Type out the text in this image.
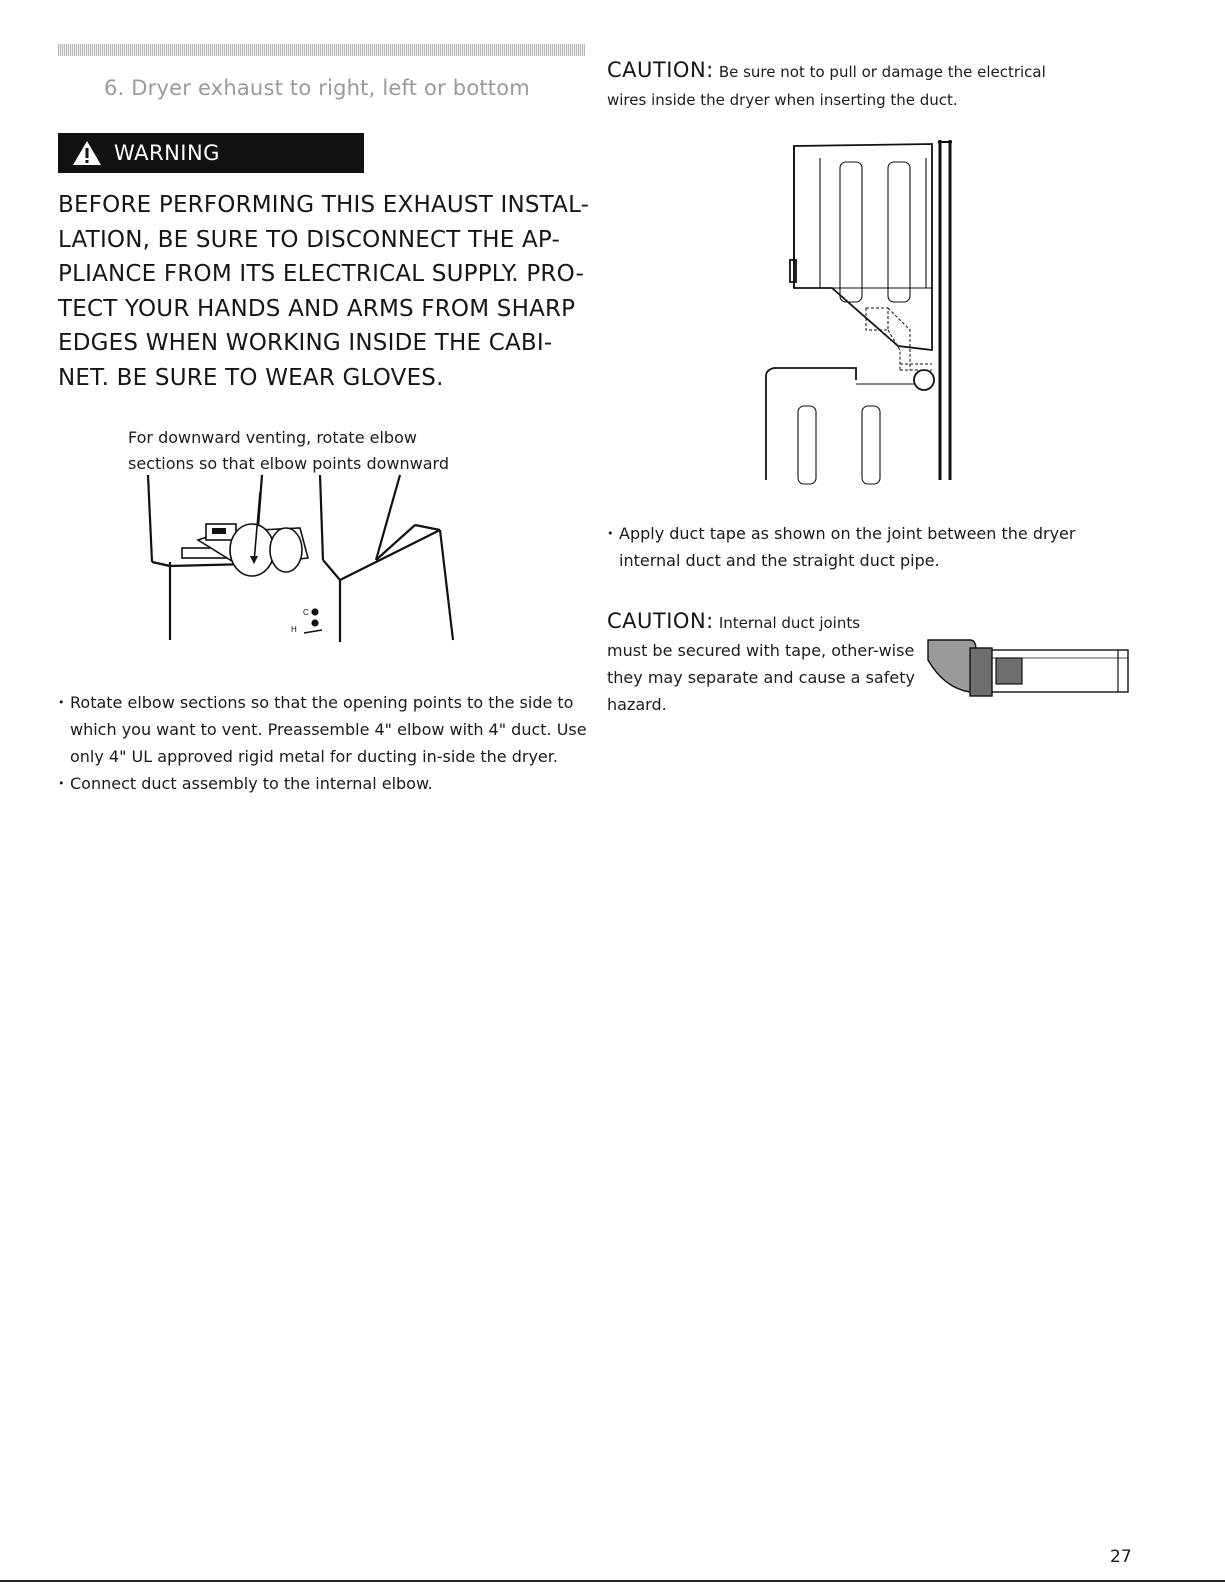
6. Dryer exhaust to right, left or bottom
WARNING
BEFORE PERFORMING THIS EXHAUST INSTAL-LATION, BE SURE TO DISCONNECT THE AP-PLIANCE FROM ITS ELECTRICAL SUPPLY. PRO-TECT YOUR HANDS AND ARMS FROM SHARP EDGES WHEN WORKING INSIDE THE CABI-NET. BE SURE TO WEAR GLOVES.
For downward venting, rotate elbow
sections so that elbow points downward
C
H
• Rotate elbow sections so that the opening points to the side to which you want to vent. Preassemble 4" elbow with 4" duct. Use only 4" UL approved rigid metal for ducting in-side the dryer.
• Connect duct assembly to the internal elbow.
CAUTION: Be sure not to pull or damage the electrical
wires inside the dryer when inserting the duct.
• Apply duct tape as shown on the joint between the dryer internal duct and the straight duct pipe.
CAUTION: Internal duct joints
must be secured with tape, other-wise they may separate and cause a safety hazard.
27
